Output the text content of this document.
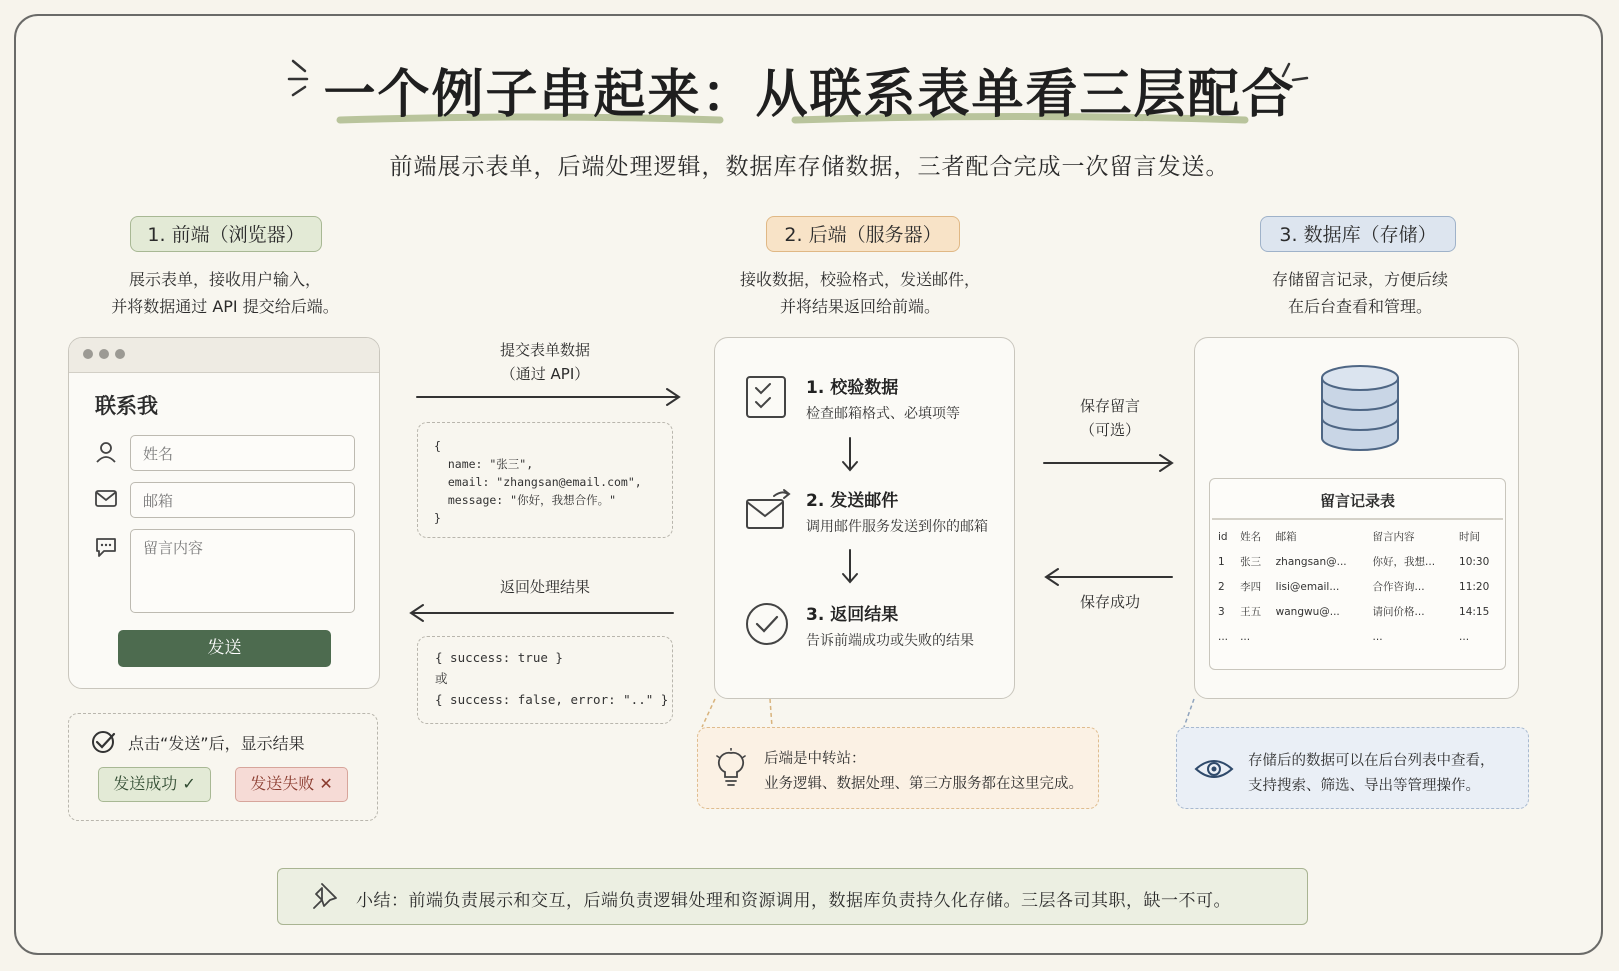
一个例子串起来：从联系表单看三层配合
前端展示表单，后端处理逻辑，数据库存储数据，三者配合完成一次留言发送。
1. 前端（浏览器）
展示表单，接收用户输入，
并将数据通过 API 提交给后端。
联系我
姓名
邮箱
留言内容
发送
点击“发送”后，显示结果
发送成功 ✓	发送失败 ✕
提交表单数据
（通过 API）
{
name: "张三",
email: "zhangsan@email.com",
message: "你好，我想合作。"
}
返回处理结果
{ success: true }
或
{ success: false, error: ".." }
2. 后端（服务器）
接收数据，校验格式，发送邮件，
并将结果返回给前端。
1. 校验数据
检查邮箱格式、必填项等
2. 发送邮件
调用邮件服务发送到你的邮箱
3. 返回结果
告诉前端成功或失败的结果
后端是中转站：
业务逻辑、数据处理、第三方服务都在这里完成。
保存留言
（可选）
保存成功
3. 数据库（存储）
存储留言记录，方便后续
在后台查看和管理。
留言记录表
id	姓名	邮箱	留言内容	时间
1	张三	zhangsan@...	你好，我想...	10:30
2	李四	lisi@email...	合作咨询...	11:20
3	王五	wangwu@...	请问价格...	14:15
...	...		...	...
存储后的数据可以在后台列表中查看，
支持搜索、筛选、导出等管理操作。
小结：前端负责展示和交互，后端负责逻辑处理和资源调用，数据库负责持久化存储。三层各司其职，缺一不可。
